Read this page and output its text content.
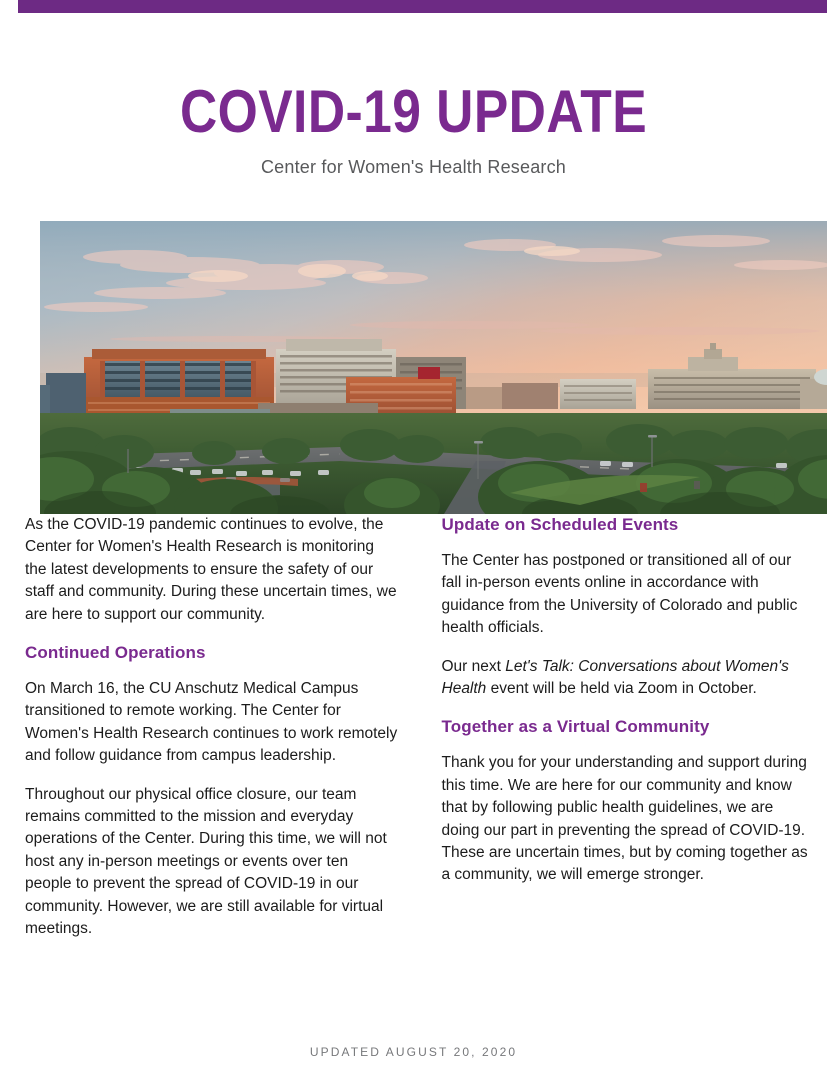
COVID-19 UPDATE

Center for Women's Health Research

As the COVID-19 pandemic continues to evolve, the Center for Women's Health Research is monitoring the latest developments to ensure the safety of our staff and community. During these uncertain times, we are here to support our community.

Continued Operations

On March 16, the CU Anschutz Medical Campus transitioned to remote working. The Center for Women's Health Research continues to work remotely and follow guidance from campus leadership.

Throughout our physical office closure, our team remains committed to the mission and everyday operations of the Center. During this time, we will not host any in-person meetings or events over ten people to prevent the spread of COVID-19 in our community. However, we are still available for virtual meetings.

Update on Scheduled Events

The Center has postponed or transitioned all of our fall in-person events online in accordance with guidance from the University of Colorado and public health officials.

Our next Let's Talk: Conversations about Women's Health event will be held via Zoom in October.

Together as a Virtual Community

Thank you for your understanding and support during this time. We are here for our community and know that by following public health guidelines, we are doing our part in preventing the spread of COVID-19. These are uncertain times, but by coming together as a community, we will emerge stronger.

UPDATED AUGUST 20, 2020
